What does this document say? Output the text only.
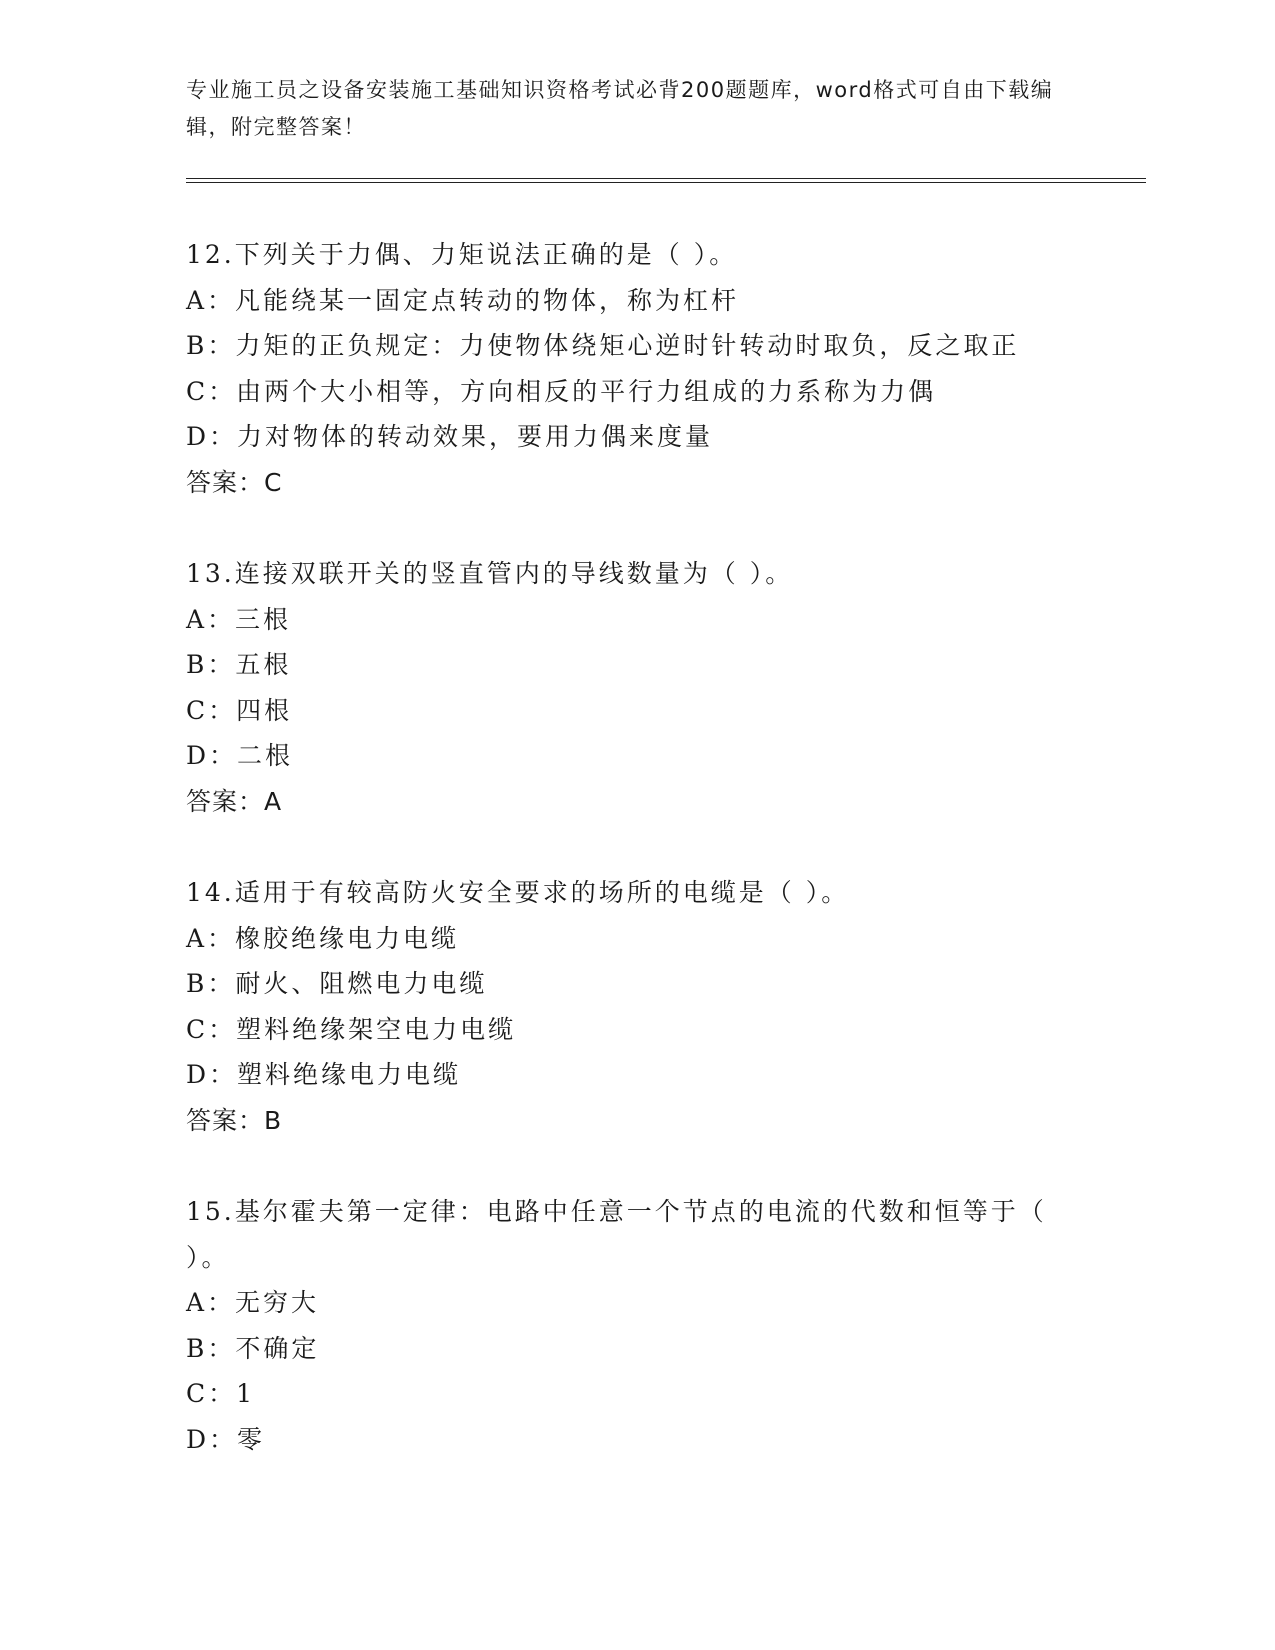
专业施工员之设备安装施工基础知识资格考试必背200题题库，word格式可自由下载编辑，附完整答案！
12.下列关于力偶、力矩说法正确的是（ ）。
A：凡能绕某一固定点转动的物体，称为杠杆
B：力矩的正负规定：力使物体绕矩心逆时针转动时取负，反之取正
C：由两个大小相等，方向相反的平行力组成的力系称为力偶
D：力对物体的转动效果，要用力偶来度量
答案：C
13.连接双联开关的竖直管内的导线数量为（ ）。
A：三根
B：五根
C：四根
D：二根
答案：A
14.适用于有较高防火安全要求的场所的电缆是（ ）。
A：橡胶绝缘电力电缆
B：耐火、阻燃电力电缆
C：塑料绝缘架空电力电缆
D：塑料绝缘电力电缆
答案：B
15.基尔霍夫第一定律：电路中任意一个节点的电流的代数和恒等于（ ）。
A：无穷大
B：不确定
C：1
D：零
